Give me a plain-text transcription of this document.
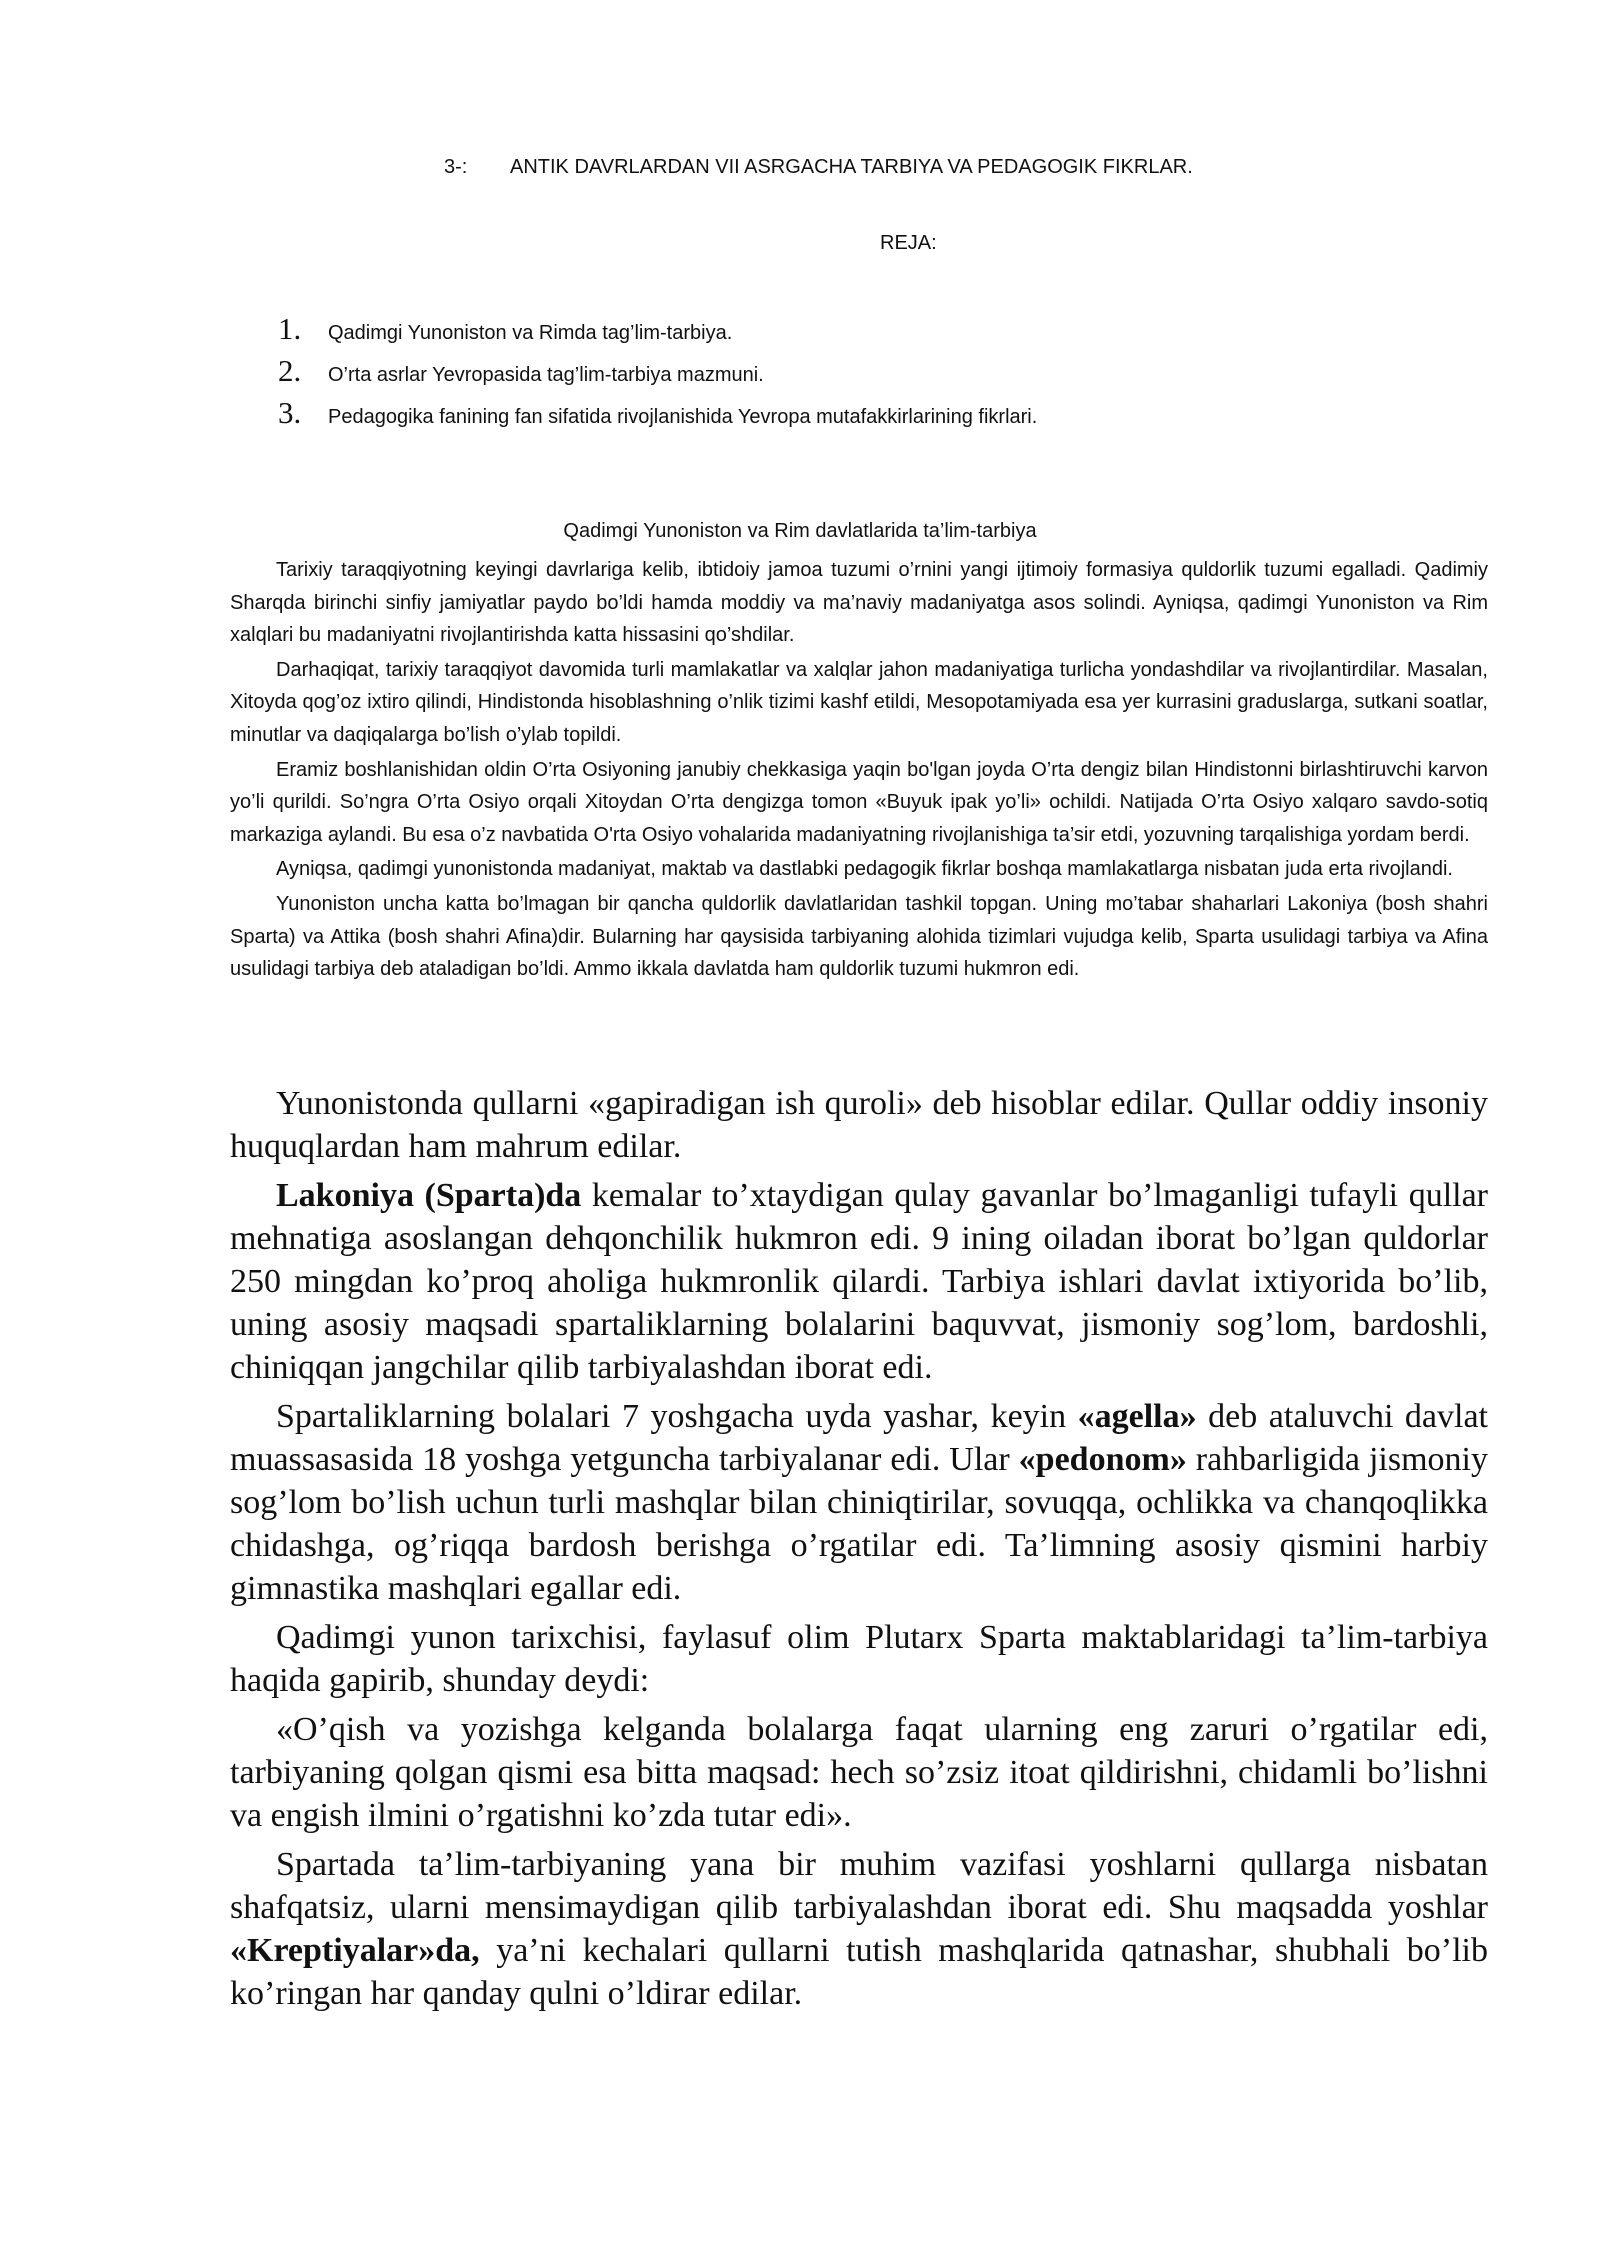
3-: ANTIK DAVRLARDAN VII ASRGACHA TARBIYA VA PEDAGOGIK FIKRLAR.
REJA:
1. Qadimgi Yunoniston va Rimda tag’lim-tarbiya.
2. O’rta asrlar Yevropasida tag’lim-tarbiya mazmuni.
3. Pedagogika fanining fan sifatida rivojlanishida Yevropa mutafakkirlarining fikrlari.
Qadimgi Yunoniston va Rim davlatlarida ta’lim-tarbiya

Tarixiy taraqqiyotning keyingi davrlariga kelib, ibtidoiy jamoa tuzumi o’rnini yangi ijtimoiy formasiya quldorlik tuzumi egalladi. Qadimiy Sharqda birinchi sinfiy jamiyatlar paydo bo’ldi hamda moddiy va ma’naviy madaniyatga asos solindi. Ayniqsa, qadimgi Yunoniston va Rim xalqlari bu madaniyatni rivojlantirishda katta hissasini qo’shdilar.

Darhaqiqat, tarixiy taraqqiyot davomida turli mamlakatlar va xalqlar jahon madaniyatiga turlicha yondashdilar va rivojlantirdilar. Masalan, Xitoyda qog’oz ixtiro qilindi, Hindistonda hisoblashning o’nlik tizimi kashf etildi, Mesopotamiyada esa yer kurrasini graduslarga, sutkani soatlar, minutlar va daqiqalarga bo’lish o’ylab topildi.

Eramiz boshlanishidan oldin O’rta Osiyoning janubiy chekkasiga yaqin bo'lgan joyda O’rta dengiz bilan Hindistonni birlashtiruvchi karvon yo’li qurildi. So’ngra O’rta Osiyo orqali Xitoydan O’rta dengizga tomon «Buyuk ipak yo’li» ochildi. Natijada O’rta Osiyo xalqaro savdo-sotiq markaziga aylandi. Bu esa o’z navbatida O'rta Osiyo vohalarida madaniyatning rivojlanishiga ta’sir etdi, yozuvning tarqalishiga yordam berdi.

Ayniqsa, qadimgi yunonistonda madaniyat, maktab va dastlabki pedagogik fikrlar boshqa mamlakatlarga nisbatan juda erta rivojlandi.

Yunoniston uncha katta bo’lmagan bir qancha quldorlik davlatlaridan tashkil topgan. Uning mo’tabar shaharlari Lakoniya (bosh shahri Sparta) va Attika (bosh shahri Afina)dir. Bularning har qaysisida tarbiyaning alohida tizimlari vujudga kelib, Sparta usulidagi tarbiya va Afina usulidagi tarbiya deb ataladigan bo’ldi. Ammo ikkala davlatda ham quldorlik tuzumi hukmron edi.

Yunonistonda qullarni «gapiradigan ish quroli» deb hisoblar edilar. Qullar oddiy insoniy huquqlardan ham mahrum edilar.

Lakoniya (Sparta)da kemalar to’xtaydigan qulay gavanlar bo’lmaganligi tufayli qullar mehnatiga asoslangan dehqonchilik hukmron edi. 9 ining oiladan iborat bo’lgan quldorlar 250 mingdan ko’proq aholiga hukmronlik qilardi. Tarbiya ishlari davlat ixtiyorida bo’lib, uning asosiy maqsadi spartaliklarning bolalarini baquvvat, jismoniy sog’lom, bardoshli, chiniqqan jangchilar qilib tarbiyalashdan iborat edi.

Spartaliklarning bolalari 7 yoshgacha uyda yashar, keyin «agella» deb ataluvchi davlat muassasasida 18 yoshga yetguncha tarbiyalanar edi. Ular «pedonom» rahbarligida jismoniy sog’lom bo’lish uchun turli mashqlar bilan chiniqtirilar, sovuqqa, ochlikka va chanqoqlikka chidashga, og’riqqa bardosh berishga o’rgatilar edi. Ta’limning asosiy qismini harbiy gimnastika mashqlari egallar edi.

Qadimgi yunon tarixchisi, faylasuf olim Plutarx Sparta maktablaridagi ta’lim-tarbiya haqida gapirib, shunday deydi:

«O’qish va yozishga kelganda bolalarga faqat ularning eng zaruri o’rgatilar edi, tarbiyaning qolgan qismi esa bitta maqsad: hech so’zsiz itoat qildirishni, chidamli bo’lishni va engish ilmini o’rgatishni ko’zda tutar edi».

Spartada ta’lim-tarbiyaning yana bir muhim vazifasi yoshlarni qullarga nisbatan shafqatsiz, ularni mensimaydigan qilib tarbiyalashdan iborat edi. Shu maqsadda yoshlar «Kreptiyalar»da, ya’ni kechalari qullarni tutish mashqlarida qatnashar, shubhali bo’lib ko’ringan har qanday qulni o’ldirar edilar.
